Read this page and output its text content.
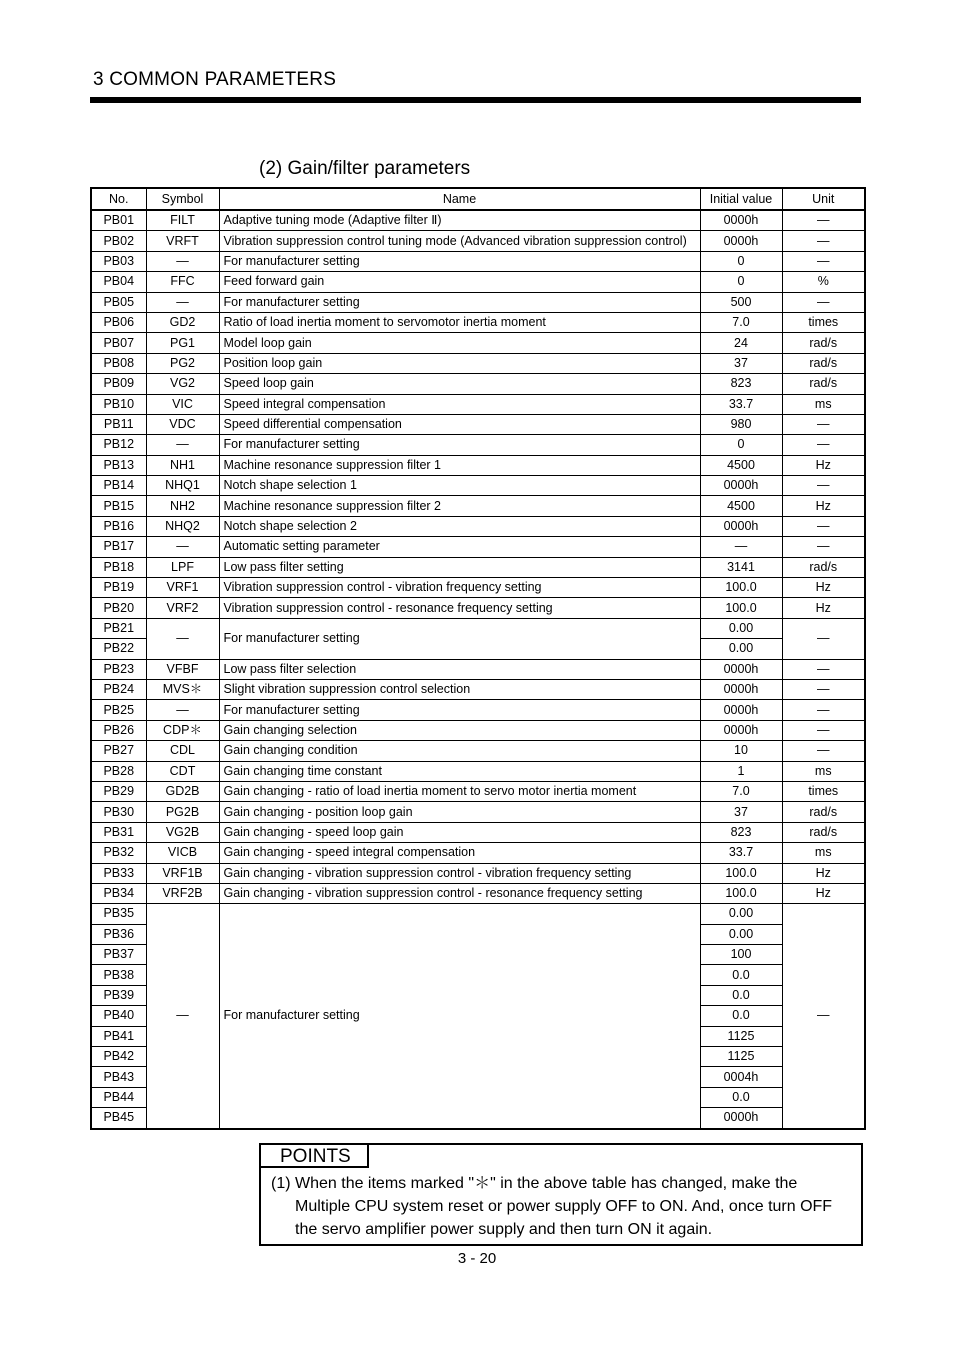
3 COMMON PARAMETERS
(2) Gain/filter parameters
No.	Symbol	Name	Initial value	Unit
PB01	FILT	Adaptive tuning mode (Adaptive filter Ⅱ)	0000h	—
PB02	VRFT	Vibration suppression control tuning mode (Advanced vibration suppression control)	0000h	—
PB03	—	For manufacturer setting	0	—
PB04	FFC	Feed forward gain	0	%
PB05	—	For manufacturer setting	500	—
PB06	GD2	Ratio of load inertia moment to servomotor inertia moment	7.0	times
PB07	PG1	Model loop gain	24	rad/s
PB08	PG2	Position loop gain	37	rad/s
PB09	VG2	Speed loop gain	823	rad/s
PB10	VIC	Speed integral compensation	33.7	ms
PB11	VDC	Speed differential compensation	980	—
PB12	—	For manufacturer setting	0	—
PB13	NH1	Machine resonance suppression filter 1	4500	Hz
PB14	NHQ1	Notch shape selection 1	0000h	—
PB15	NH2	Machine resonance suppression filter 2	4500	Hz
PB16	NHQ2	Notch shape selection 2	0000h	—
PB17	—	Automatic setting parameter	—	—
PB18	LPF	Low pass filter setting	3141	rad/s
PB19	VRF1	Vibration suppression control - vibration frequency setting	100.0	Hz
PB20	VRF2	Vibration suppression control - resonance frequency setting	100.0	Hz
PB21	—	For manufacturer setting	0.00	—
PB22			0.00	
PB23	VFBF	Low pass filter selection	0000h	—
PB24	MVS＊	Slight vibration suppression control selection	0000h	—
PB25	—	For manufacturer setting	0000h	—
PB26	CDP＊	Gain changing selection	0000h	—
PB27	CDL	Gain changing condition	10	—
PB28	CDT	Gain changing time constant	1	ms
PB29	GD2B	Gain changing - ratio of load inertia moment to servo motor inertia moment	7.0	times
PB30	PG2B	Gain changing - position loop gain	37	rad/s
PB31	VG2B	Gain changing - speed loop gain	823	rad/s
PB32	VICB	Gain changing - speed integral compensation	33.7	ms
PB33	VRF1B	Gain changing - vibration suppression control - vibration frequency setting	100.0	Hz
PB34	VRF2B	Gain changing - vibration suppression control - resonance frequency setting	100.0	Hz
PB35	—	For manufacturer setting	0.00	—
PB36			0.00	
PB37			100	
PB38			0.0	
PB39			0.0	
PB40			0.0	
PB41			1125	
PB42			1125	
PB43			0004h	
PB44			0.0	
PB45			0000h	
POINTS
(1) When the items marked "＊" in the above table has changed, make the Multiple CPU system reset or power supply OFF to ON. And, once turn OFF the servo amplifier power supply and then turn ON it again.
3 - 20
